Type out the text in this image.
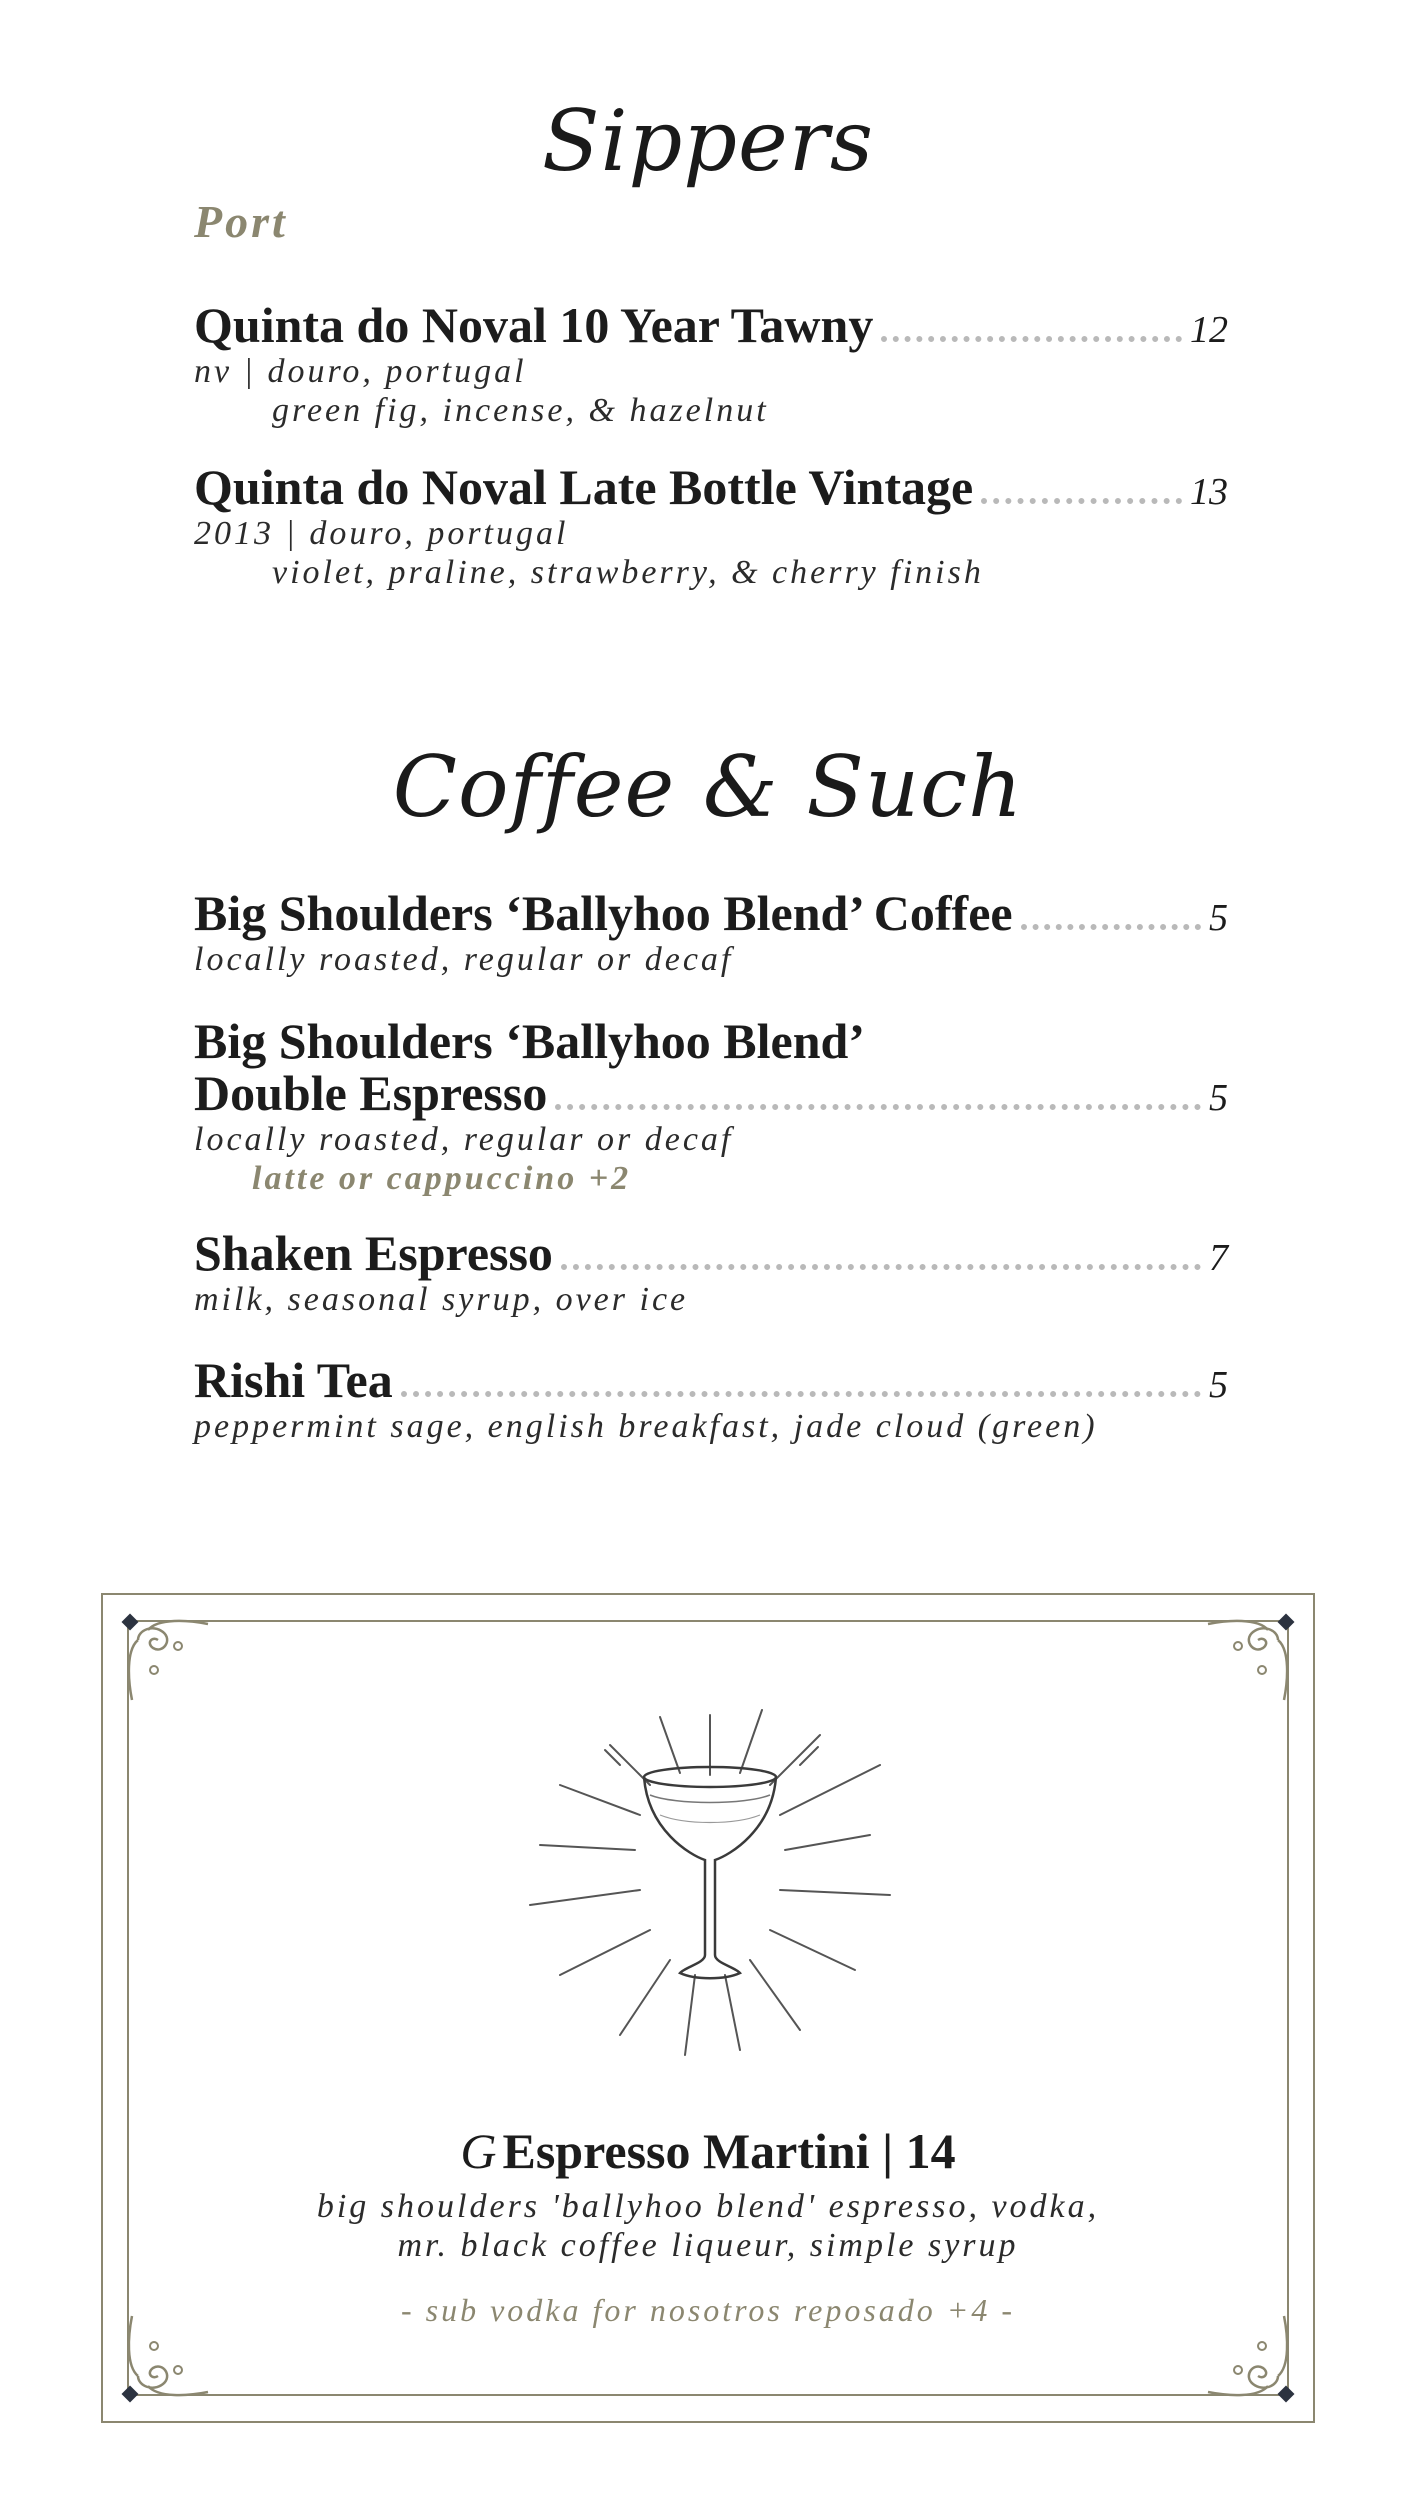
Sippers
Port
Quinta do Noval 10 Year Tawny	12
nv | douro, portugal
green fig, incense, & hazelnut
Quinta do Noval Late Bottle Vintage	13
2013 | douro, portugal
violet, praline, strawberry, & cherry finish
Coffee & Such
Big Shoulders ‘Ballyhoo Blend’ Coffee	5
locally roasted, regular or decaf
Big Shoulders ‘Ballyhoo Blend’
Double Espresso	5
locally roasted, regular or decaf
latte or cappuccino +2
Shaken Espresso	7
milk, seasonal syrup, over ice
Rishi Tea	5
peppermint sage, english breakfast, jade cloud (green)
G Espresso Martini | 14
big shoulders 'ballyhoo blend' espresso, vodka,
mr. black coffee liqueur, simple syrup
- sub vodka for nosotros reposado +4 -
